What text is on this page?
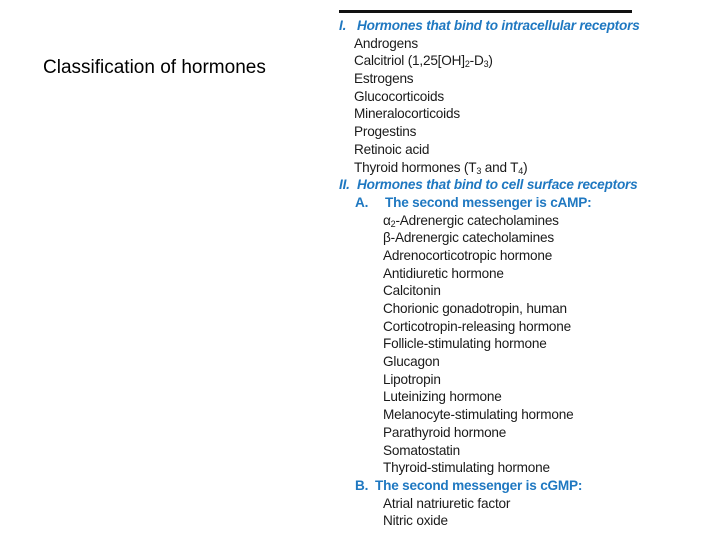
Classification of hormones
I. Hormones that bind to intracellular receptors
Androgens
Calcitriol $(1,25[OH]_2-D_3)$
Estrogens
Glucocorticoids
Mineralocorticoids
Progestins
Retinoic acid
Thyroid hormones ($T_3$ and $T_4$)
II. Hormones that bind to cell surface receptors
A. The second messenger is cAMP:
$\alpha_2$-Adrenergic catecholamines
β-Adrenergic catecholamines
Adrenocorticotropic hormone
Antidiuretic hormone
Calcitonin
Chorionic gonadotropin, human
Corticotropin-releasing hormone
Follicle-stimulating hormone
Glucagon
Lipotropin
Luteinizing hormone
Melanocyte-stimulating hormone
Parathyroid hormone
Somatostatin
Thyroid-stimulating hormone
B. The second messenger is cGMP:
Atrial natriuretic factor
Nitric oxide
